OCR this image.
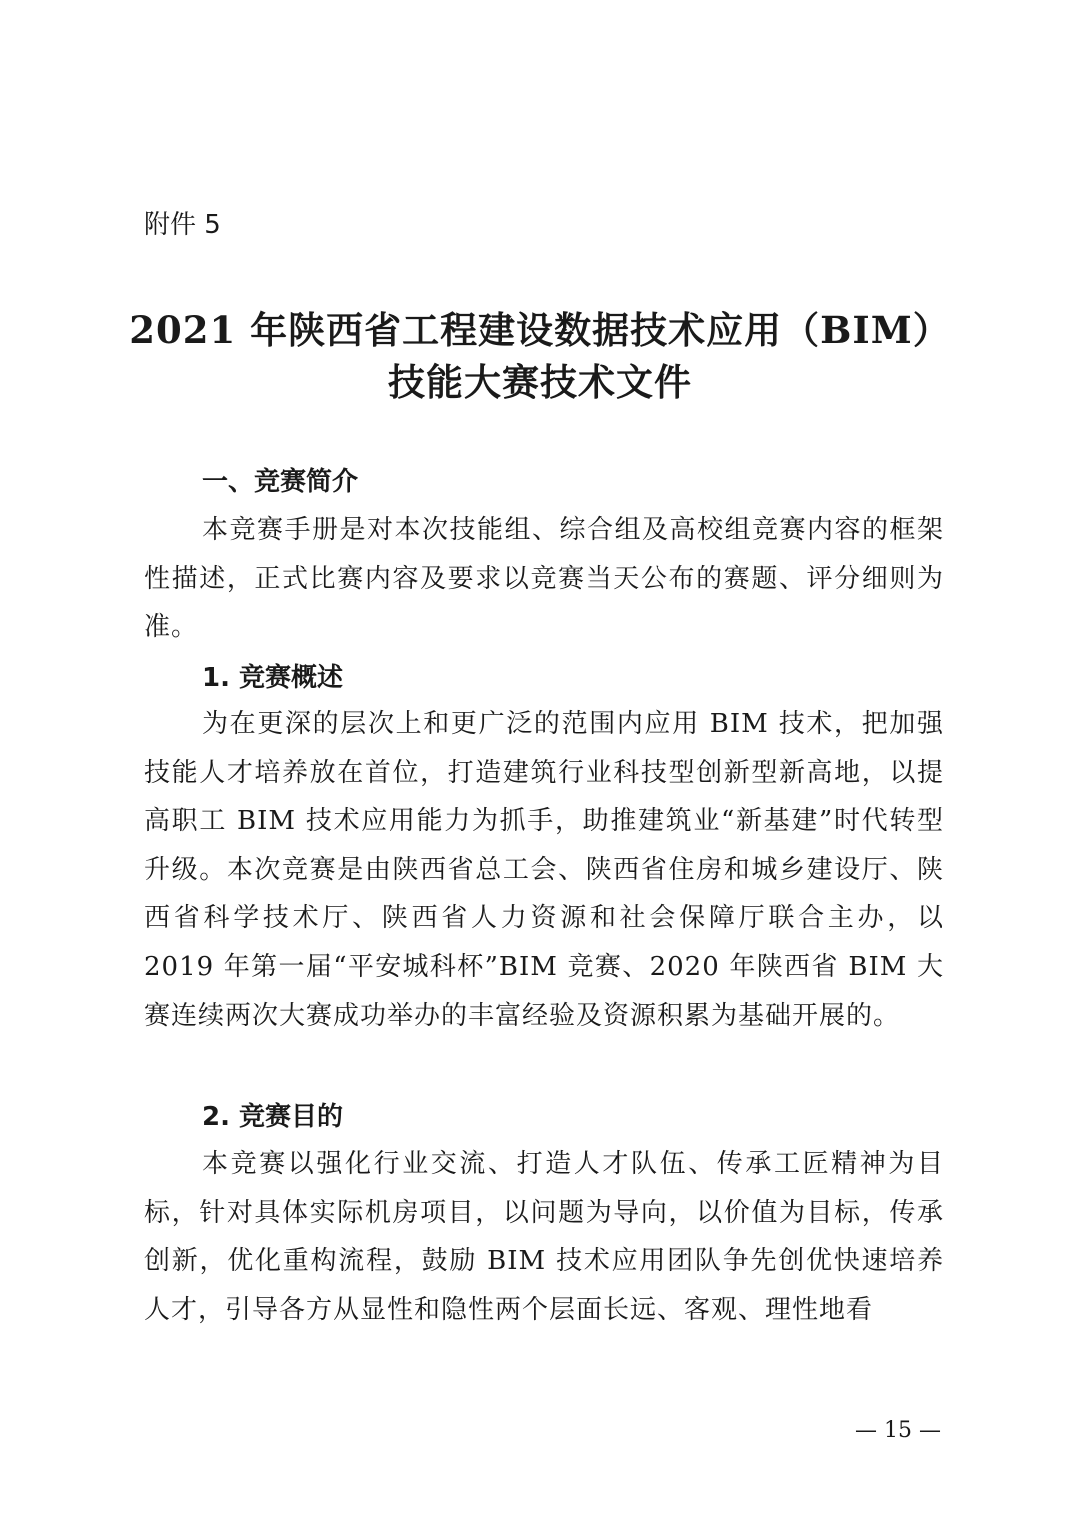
附件 5
2021 年陕西省工程建设数据技术应用（BIM）
技能大赛技术文件
一、竞赛简介
本竞赛手册是对本次技能组、综合组及高校组竞赛内容的框架性描述，正式比赛内容及要求以竞赛当天公布的赛题、评分细则为准。
1. 竞赛概述
为在更深的层次上和更广泛的范围内应用 BIM 技术，把加强技能人才培养放在首位，打造建筑行业科技型创新型新高地，以提高职工 BIM 技术应用能力为抓手，助推建筑业“新基建”时代转型升级。本次竞赛是由陕西省总工会、陕西省住房和城乡建设厅、陕西省科学技术厅、陕西省人力资源和社会保障厅联合主办，以 2019 年第一届“平安城科杯”BIM 竞赛、2020 年陕西省 BIM 大赛连续两次大赛成功举办的丰富经验及资源积累为基础开展的。
2. 竞赛目的
本竞赛以强化行业交流、打造人才队伍、传承工匠精神为目标，针对具体实际机房项目，以问题为导向，以价值为目标，传承创新，优化重构流程，鼓励 BIM 技术应用团队争先创优快速培养人才，引导各方从显性和隐性两个层面长远、客观、理性地看
— 15 —
